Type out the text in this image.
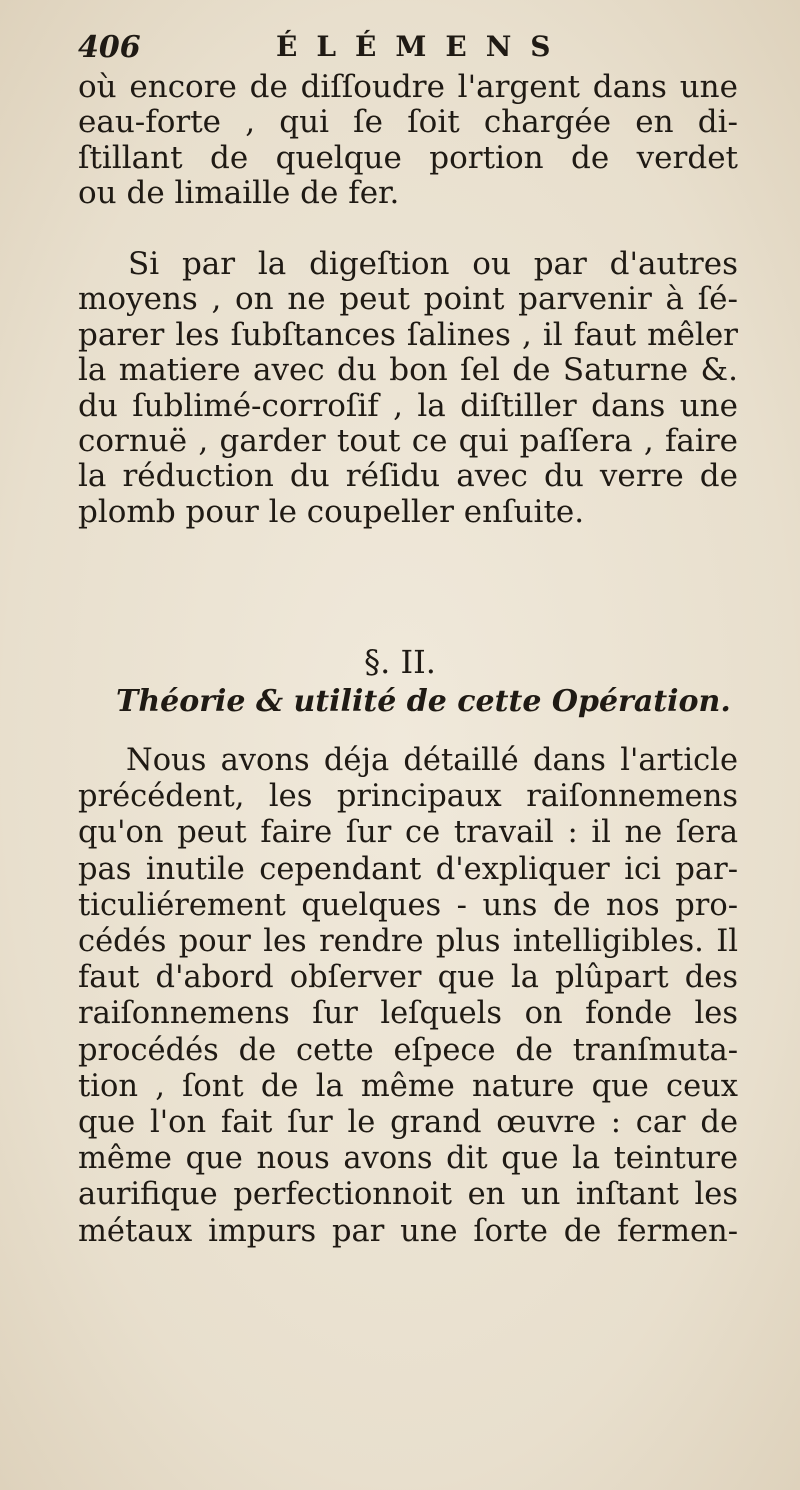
406	ÉLÉMENS
où encore de diſſoudre l'argent dans une
eau-forte , qui ſe ſoit chargée en di-
ſtillant de quelque portion de verdet
ou de limaille de fer.
Si par la digeſtion ou par d'autres
moyens , on ne peut point parvenir à ſé-
parer les ſubſtances ſalines , il faut mêler
la matiere avec du bon ſel de Saturne &.
du ſublimé-corroſif , la diſtiller dans une
cornuë , garder tout ce qui paſſera , faire
la réduction du réſidu avec du verre de
plomb pour le coupeller enſuite.
§. II.
Théorie & utilité de cette Opération.
Nous avons déja détaillé dans l'article
précédent, les principaux raiſonnemens
qu'on peut faire ſur ce travail : il ne ſera
pas inutile cependant d'expliquer ici par-
ticuliérement quelques - uns de nos pro-
cédés pour les rendre plus intelligibles. Il
faut d'abord obſerver que la plûpart des
raiſonnemens ſur leſquels on fonde les
procédés de cette eſpece de tranſmuta-
tion , ſont de la même nature que ceux
que l'on fait ſur le grand œuvre : car de
même que nous avons dit que la teinture
aurifique perfectionnoit en un inſtant les
métaux impurs par une ſorte de fermen-
